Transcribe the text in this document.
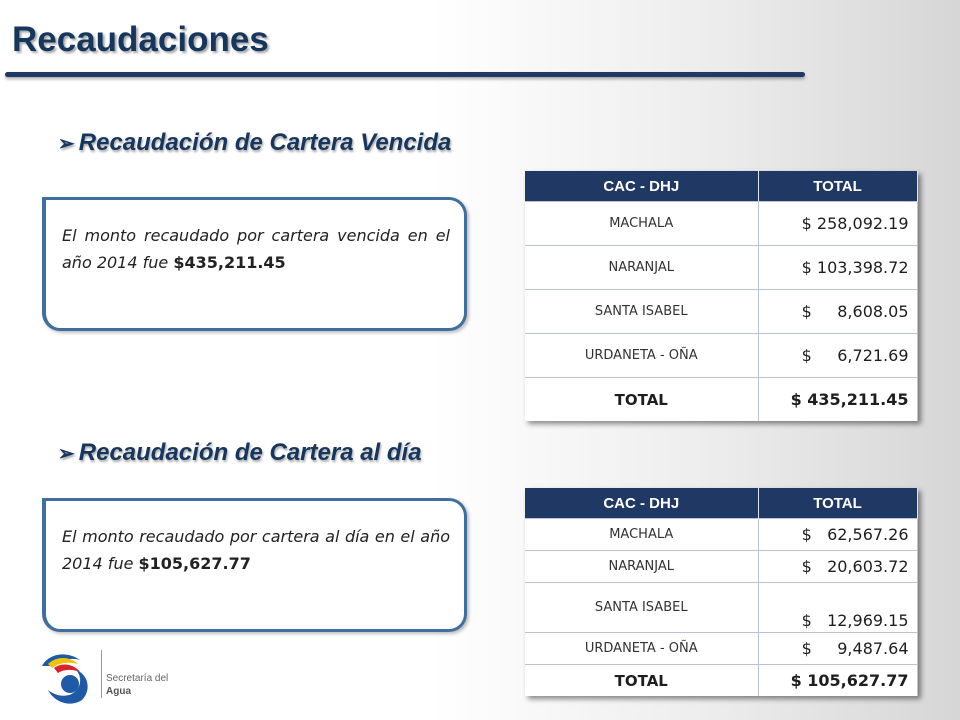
Recaudaciones
➢ Recaudación de Cartera Vencida

El monto recaudado por cartera vencida en el año 2014 fue $435,211.45

CAC - DHJ	TOTAL
MACHALA	$ 258,092.19
NARANJAL	$ 103,398.72
SANTA ISABEL	$     8,608.05
URDANETA - OÑA	$     6,721.69
TOTAL	$ 435,211.45
➢ Recaudación de Cartera al día

El monto recaudado por cartera al día en el año 2014 fue $105,627.77

CAC - DHJ	TOTAL
MACHALA	$   62,567.26
NARANJAL	$   20,603.72
SANTA ISABEL	$   12,969.15
URDANETA - OÑA	$     9,487.64
TOTAL	$ 105,627.77
Secretaría del
Agua
